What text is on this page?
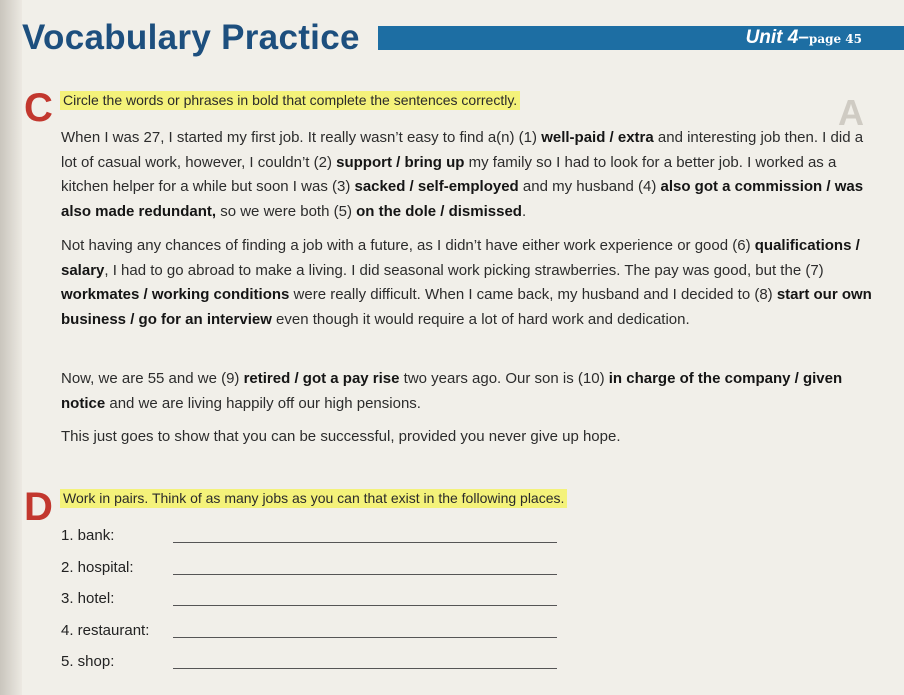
Vocabulary Practice	Unit 4–page 45
A
C Circle the words or phrases in bold that complete the sentences correctly.

When I was 27, I started my first job. It really wasn’t easy to find a(n) (1) well-paid / extra and interesting job then. I did a lot of casual work, however, I couldn’t (2) support / bring up my family so I had to look for a better job. I worked as a kitchen helper for a while but soon I was (3) sacked / self-employed and my husband (4) also got a commission / was also made redundant, so we were both (5) on the dole / dismissed.

Not having any chances of finding a job with a future, as I didn’t have either work experience or good (6) qualifications / salary, I had to go abroad to make a living. I did seasonal work picking strawberries. The pay was good, but the (7) workmates / working conditions were really difficult. When I came back, my husband and I decided to (8) start our own business / go for an interview even though it would require a lot of hard work and dedication.

Now, we are 55 and we (9) retired / got a pay rise two years ago. Our son is (10) in charge of the company / given notice and we are living happily off our high pensions.

This just goes to show that you can be successful, provided you never give up hope.

D Work in pairs. Think of as many jobs as you can that exist in the following places.
1. bank:
2. hospital:
3. hotel:
4. restaurant:
5. shop:
